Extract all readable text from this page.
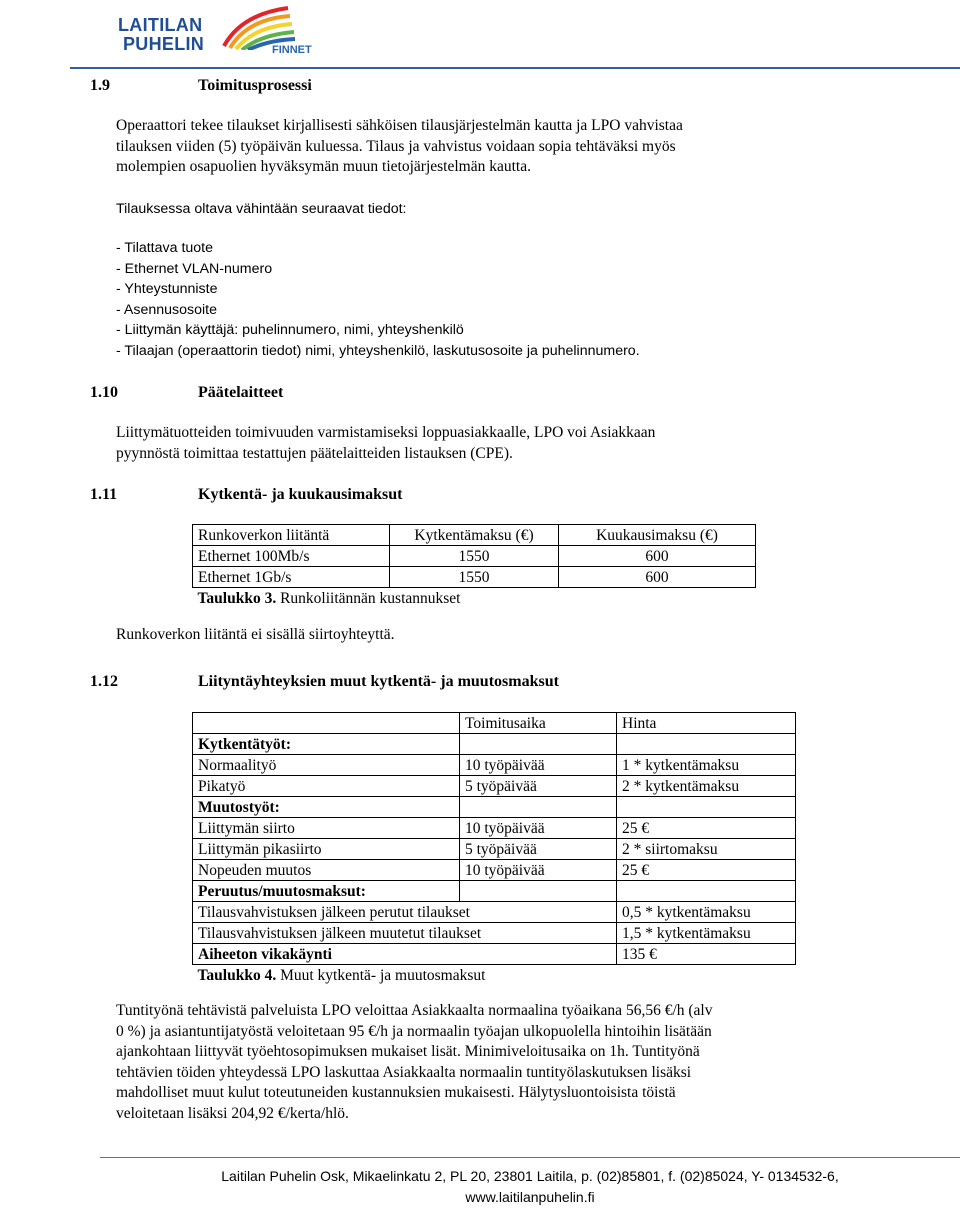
LAITILAN
PUHELIN	FINNET
1.9	Toimitusprosessi
Operaattori tekee tilaukset kirjallisesti sähköisen tilausjärjestelmän kautta ja LPO vahvistaa
tilauksen viiden (5) työpäivän kuluessa. Tilaus ja vahvistus voidaan sopia tehtäväksi myös
molempien osapuolien hyväksymän muun tietojärjestelmän kautta.
Tilauksessa oltava vähintään seuraavat tiedot:
- Tilattava tuote
- Ethernet VLAN-numero
- Yhteystunniste
- Asennusosoite
- Liittymän käyttäjä: puhelinnumero, nimi, yhteyshenkilö
- Tilaajan (operaattorin tiedot) nimi, yhteyshenkilö, laskutusosoite ja puhelinnumero.
1.10	Päätelaitteet
Liittymätuotteiden toimivuuden varmistamiseksi loppuasiakkaalle, LPO voi Asiakkaan
pyynnöstä toimittaa testattujen päätelaitteiden listauksen (CPE).
1.11	Kytkentä- ja kuukausimaksut
Runkoverkon liitäntä	Kytkentämaksu (€)	Kuukausimaksu (€)
Ethernet 100Mb/s	1550	600
Ethernet 1Gb/s	1550	600
Taulukko 3. Runkoliitännän kustannukset		
Runkoverkon liitäntä ei sisällä siirtoyhteyttä.
1.12	Liityntäyhteyksien muut kytkentä- ja muutosmaksut
	Toimitusaika	Hinta
Kytkentätyöt:		
Normaalityö	10 työpäivää	1 * kytkentämaksu
Pikatyö	5 työpäivää	2 * kytkentämaksu
Muutostyöt:		
Liittymän siirto	10 työpäivää	25 €
Liittymän pikasiirto	5 työpäivää	2 * siirtomaksu
Nopeuden muutos	10 työpäivää	25 €
Peruutus/muutosmaksut:		
Tilausvahvistuksen jälkeen perutut tilaukset		0,5 * kytkentämaksu
Tilausvahvistuksen jälkeen muutetut tilaukset		1,5 * kytkentämaksu
Aiheeton vikakäynti		135 €
Taulukko 4. Muut kytkentä- ja muutosmaksut		
Tuntityönä tehtävistä palveluista LPO veloittaa Asiakkaalta normaalina työaikana 56,56 €/h (alv
0 %) ja asiantuntijatyöstä veloitetaan 95 €/h ja normaalin työajan ulkopuolella hintoihin lisätään
ajankohtaan liittyvät työehtosopimuksen mukaiset lisät. Minimiveloitusaika on 1h. Tuntityönä
tehtävien töiden yhteydessä LPO laskuttaa Asiakkaalta normaalin tuntityölaskutuksen lisäksi
mahdolliset muut kulut toteutuneiden kustannuksien mukaisesti. Hälytysluontoisista töistä
veloitetaan lisäksi 204,92 €/kerta/hlö.
Laitilan Puhelin Osk, Mikaelinkatu 2, PL 20, 23801 Laitila, p. (02)85801, f. (02)85024, Y- 0134532-6,
www.laitilanpuhelin.fi
